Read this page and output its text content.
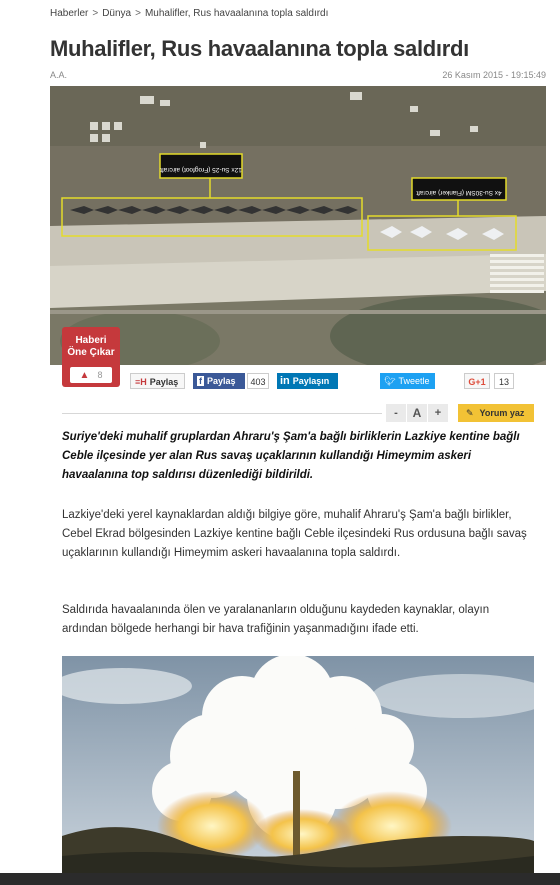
Haberler > Dünya > Muhalifler, Rus havaalanına topla saldırdı
Muhalifler, Rus havaalanına topla saldırdı
A.A.	26 Kasım 2015 - 19:15:49
12x Su-25 (Frogfoot) aircraft
4x Su-30SM (Flanker) aircraft
Haberi
Öne Çıkar
▲ 8
≡H Paylaş	f Paylaş	403	in Paylaşın	🐦︎ Tweetle	G+1	13
-	A	+	✎ Yorum yaz

Suriye'deki muhalif gruplardan Ahraru'ş Şam'a bağlı birliklerin Lazkiye kentine bağlı Ceble ilçesinde yer alan Rus savaş uçaklarının kullandığı Himeymim askeri havaalanına top saldırısı düzenlediği bildirildi.

Lazkiye'deki yerel kaynaklardan aldığı bilgiye göre, muhalif Ahraru'ş Şam'a bağlı birlikler, Cebel Ekrad bölgesinden Lazkiye kentine bağlı Ceble ilçesindeki Rus ordusuna bağlı savaş uçaklarının kullandığı Himeymim askeri havaalanına topla saldırdı.

Saldırıda havaalanında ölen ve yaralananların olduğunu kaydeden kaynaklar, olayın ardından bölgede herhangi bir hava trafiğinin yaşanmadığını ifade etti.
